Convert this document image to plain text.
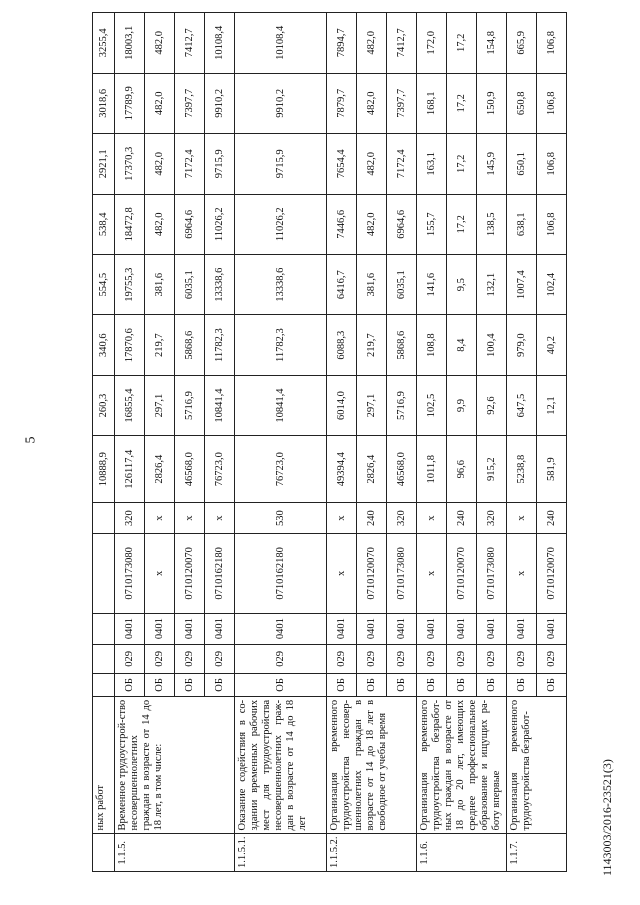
5
	ных работ						10888,9	260,3	340,6	554,5	538,4	2921,1	3018,6	3255,4
1.1.5.	Временное трудоустрой-ство несовершеннолетних граждан в возрасте от 14 до 18 лет, в том числе:	ОБ	029	0401	0710173080	320	126117,4	16855,4	17870,6	19755,3	18472,8	17370,3	17789,9	18003,1
		ОБ	029	0401	x	x	2826,4	297,1	219,7	381,6	482,0	482,0	482,0	482,0
		ОБ	029	0401	0710120070	x	46568,0	5716,9	5868,6	6035,1	6964,6	7172,4	7397,7	7412,7
		ОБ	029	0401	0710162180	x	76723,0	10841,4	11782,3	13338,6	11026,2	9715,9	9910,2	10108,4
1.1.5.1.	Оказание содействия в со-здании временных рабочих мест для трудоустройства несовершеннолетних граж-дан в возрасте от 14 до 18 лет	ОБ	029	0401	0710162180	530	76723,0	10841,4	11782,3	13338,6	11026,2	9715,9	9910,2	10108,4
1.1.5.2.	Организация временного трудоустройства несовер-шеннолетних граждан в возрасте от 14 до 18 лет в свободное от учебы время	ОБ	029	0401	x	x	49394,4	6014,0	6088,3	6416,7	7446,6	7654,4	7879,7	7894,7
		ОБ	029	0401	0710120070	240	2826,4	297,1	219,7	381,6	482,0	482,0	482,0	482,0
		ОБ	029	0401	0710173080	320	46568,0	5716,9	5868,6	6035,1	6964,6	7172,4	7397,7	7412,7
1.1.6.	Организация временного трудоустройства безработ-ных граждан в возрасте от 18 до 20 лет, имеющих среднее профессиональное образование и ищущих ра-боту впервые	ОБ	029	0401	x	x	1011,8	102,5	108,8	141,6	155,7	163,1	168,1	172,0
		ОБ	029	0401	0710120070	240	96,6	9,9	8,4	9,5	17,2	17,2	17,2	17,2
		ОБ	029	0401	0710173080	320	915,2	92,6	100,4	132,1	138,5	145,9	150,9	154,8
1.1.7.	Организация временного трудоустройства безработ-	ОБ	029	0401	x	x	5238,8	647,5	979,0	1007,4	638,1	650,1	650,8	665,9
		ОБ	029	0401	0710120070	240	581,9	12,1	40,2	102,4	106,8	106,8	106,8	106,8
1143003/2016-23521(3)
